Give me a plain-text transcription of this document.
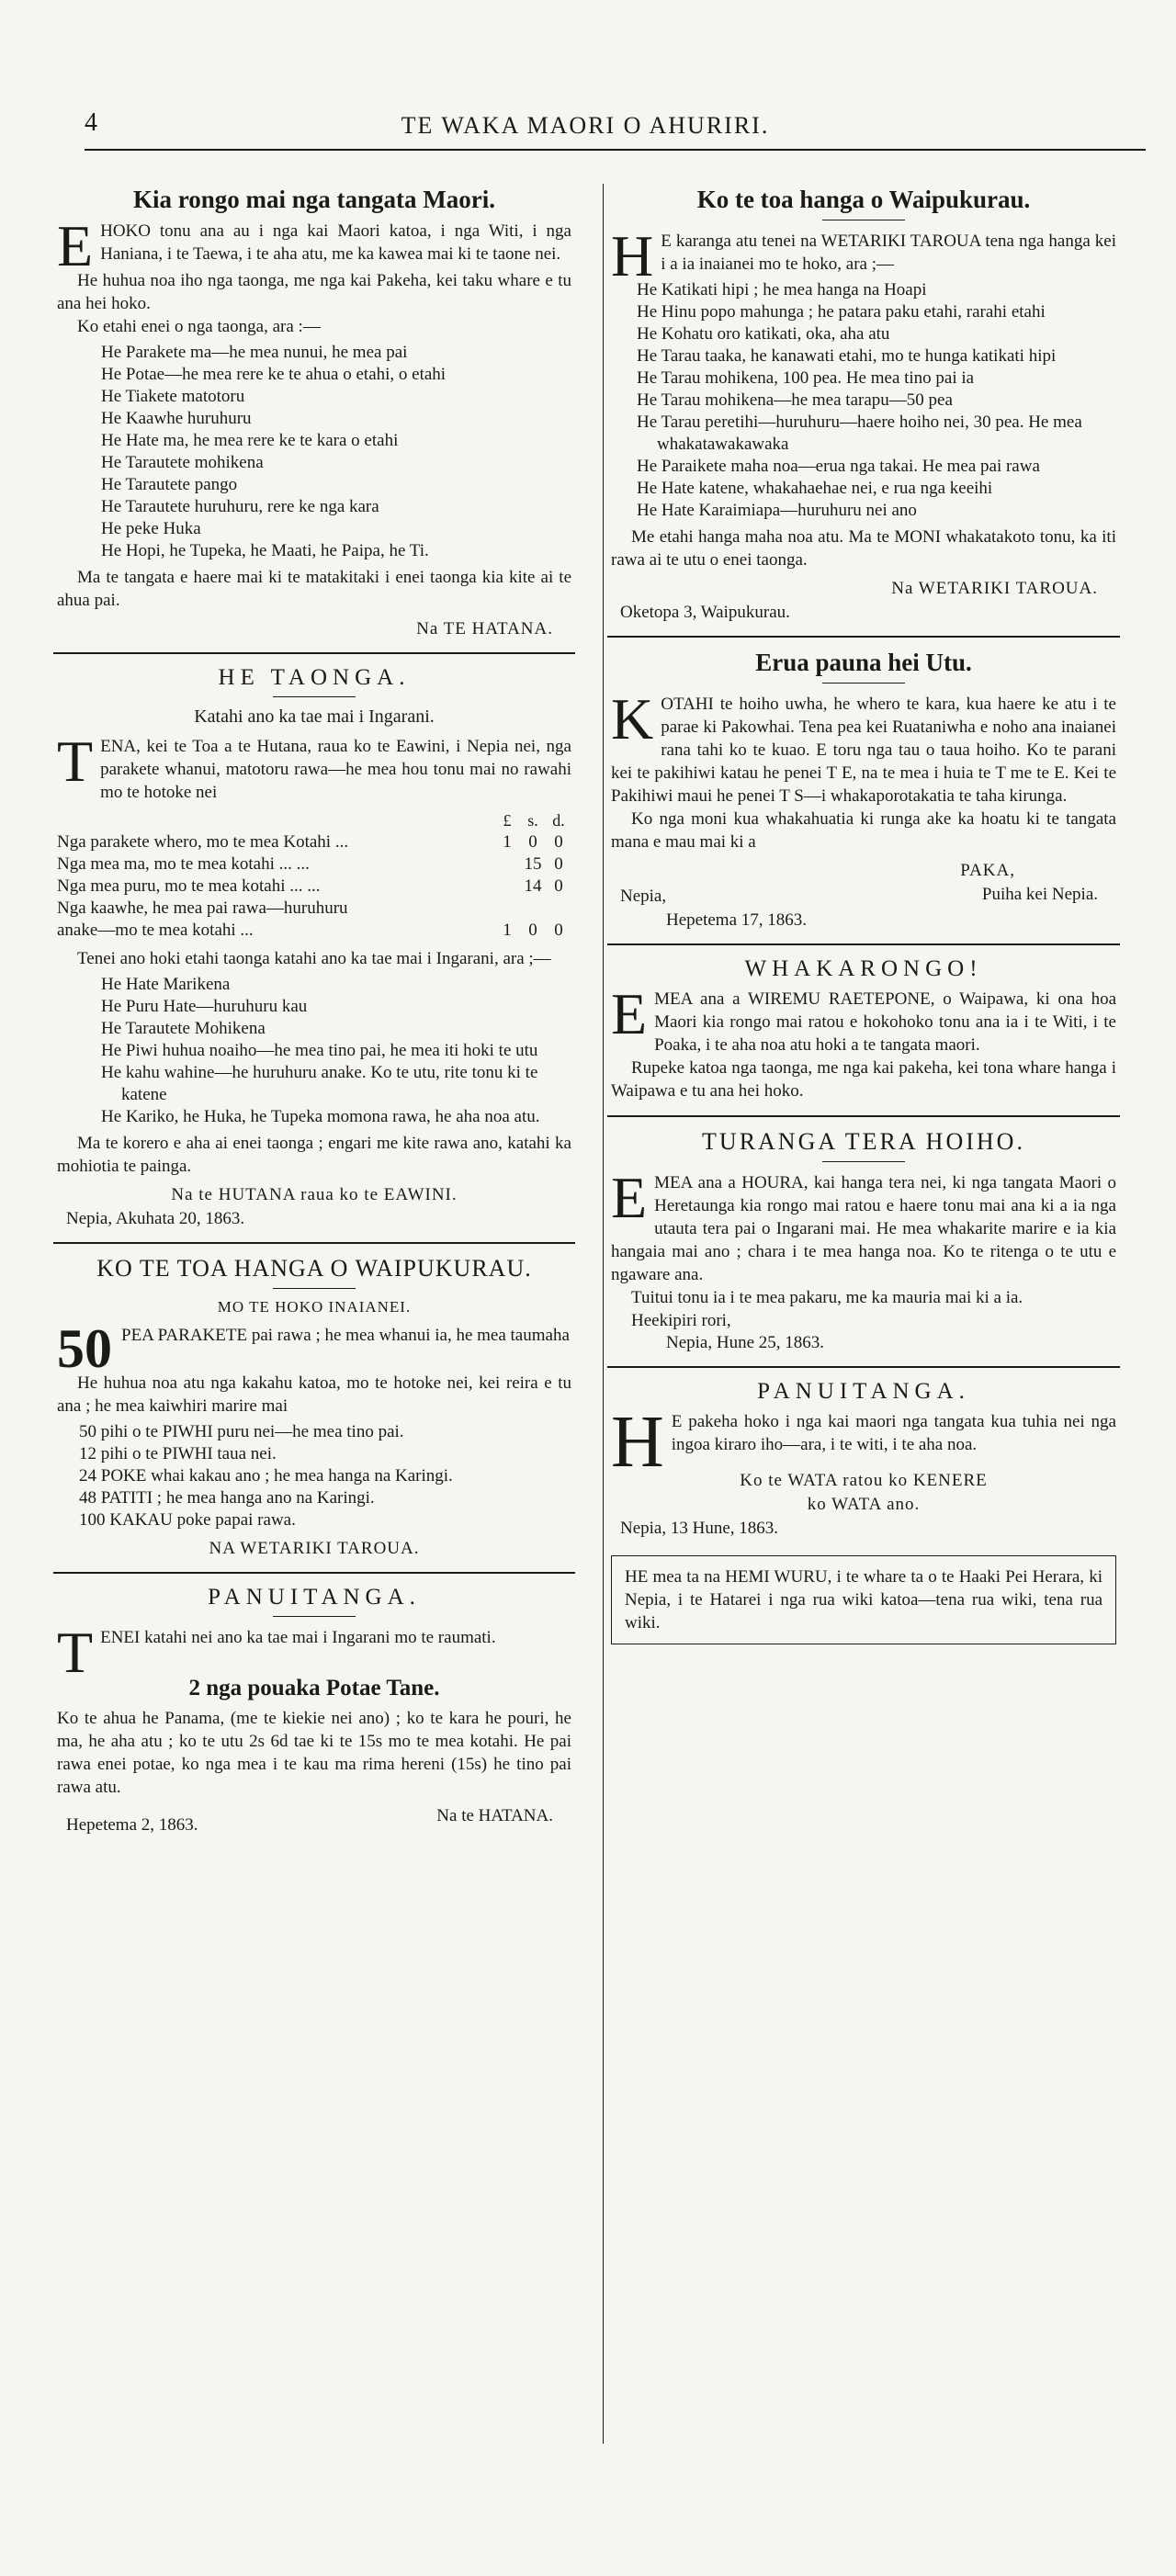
4	TE WAKA MAORI O AHURIRI.
Kia rongo mai nga tangata Maori.
E HOKO tonu ana au i nga kai Maori katoa, i nga Witi, i nga Haniana, i te Taewa, i te aha atu, me ka kawea mai ki te taone nei.

He huhua noa iho nga taonga, me nga kai Pakeha, kei taku whare e tu ana hei hoko.

Ko etahi enei o nga taonga, ara :—

He Parakete ma—he mea nunui, he mea pai
He Potae—he mea rere ke te ahua o etahi, o etahi
He Tiakete matotoru
He Kaawhe huruhuru
He Hate ma, he mea rere ke te kara o etahi
He Tarautete mohikena
He Tarautete pango
He Tarautete huruhuru, rere ke nga kara
He peke Huka
He Hopi, he Tupeka, he Maati, he Paipa, he Ti.

Ma te tangata e haere mai ki te matakitaki i enei taonga kia kite ai te ahua pai.

Na TE HATANA.
HE TAONGA.
Katahi ano ka tae mai i Ingarani.
T ENA, kei te Toa a te Hutana, raua ko te Eawini, i Nepia nei, nga parakete whanui, matotoru rawa—he mea hou tonu mai no rawahi mo te hotoke nei

	£	s.	d.
Nga parakete whero, mo te mea Kotahi ...	1	0	0
Nga mea ma, mo te mea kotahi ... ...		15	0
Nga mea puru, mo te mea kotahi ... ...		14	0
Nga kaawhe, he mea pai rawa—huruhuru			
anake—mo te mea kotahi ...	1	0	0

Tenei ano hoki etahi taonga katahi ano ka tae mai i Ingarani, ara ;—

He Hate Marikena
He Puru Hate—huruhuru kau
He Tarautete Mohikena
He Piwi huhua noaiho—he mea tino pai, he mea iti hoki te utu
He kahu wahine—he huruhuru anake. Ko te utu, rite tonu ki te katene
He Kariko, he Huka, he Tupeka momona rawa, he aha noa atu.

Ma te korero e aha ai enei taonga ; engari me kite rawa ano, katahi ka mohiotia te painga.

Na te HUTANA raua ko te EAWINI.
Nepia, Akuhata 20, 1863.
KO TE TOA HANGA O WAIPUKURAU.
MO TE HOKO INAIANEI.
50 PEA PARAKETE pai rawa ; he mea whanui ia, he mea taumaha

He huhua noa atu nga kakahu katoa, mo te hotoke nei, kei reira e tu ana ; he mea kaiwhiri marire mai

50 pihi o te PIWHI puru nei—he mea tino pai.
12 pihi o te PIWHI taua nei.
24 POKE whai kakau ano ; he mea hanga na Karingi.
48 PATITI ; he mea hanga ano na Karingi.
100 KAKAU poke papai rawa.
NA WETARIKI TAROUA.
PANUITANGA.
T ENEI katahi nei ano ka tae mai i Ingarani mo te raumati.

2 nga pouaka Potae Tane.

Ko te ahua he Panama, (me te kiekie nei ano) ; ko te kara he pouri, he ma, he aha atu ; ko te utu 2s 6d tae ki te 15s mo te mea kotahi. He pai rawa enei potae, ko nga mea i te kau ma rima hereni (15s) he tino pai rawa atu.

Hepetema 2, 1863.	Na te HATANA.
Ko te toa hanga o Waipukurau.
H E karanga atu tenei na WETARIKI TAROUA tena nga hanga kei i a ia inaianei mo te hoko, ara ;—

He Katikati hipi ; he mea hanga na Hoapi
He Hinu popo mahunga ; he patara paku etahi, rarahi etahi
He Kohatu oro katikati, oka, aha atu
He Tarau taaka, he kanawati etahi, mo te hunga katikati hipi
He Tarau mohikena, 100 pea. He mea tino pai ia
He Tarau mohikena—he mea tarapu—50 pea
He Tarau peretihi—huruhuru—haere hoiho nei, 30 pea. He mea whakatawakawaka
He Paraikete maha noa—erua nga takai. He mea pai rawa
He Hate katene, whakahaehae nei, e rua nga keeihi
He Hate Karaimiapa—huruhuru nei ano

Me etahi hanga maha noa atu. Ma te MONI whakatakoto tonu, ka iti rawa ai te utu o enei taonga.

Na WETARIKI TAROUA.
Oketopa 3, Waipukurau.
Erua pauna hei Utu.
K OTAHI te hoiho uwha, he whero te kara, kua haere ke atu i te parae ki Pakowhai. Tena pea kei Ruataniwha e noho ana inaianei rana tahi ko te kuao. E toru nga tau o taua hoiho. Ko te parani kei te pakihiwi katau he penei T E, na te mea i huia te T me te E. Kei te Pakihiwi maui he penei T S—i whakaporotakatia te taha kirunga.

Ko nga moni kua whakahuatia ki runga ake ka hoatu ki te tangata mana e mau mai ki a

PAKA,
Nepia,	Puiha kei Nepia.
Hepetema 17, 1863.
WHAKARONGO!
E MEA ana a WIREMU RAETEPONE, o Waipawa, ki ona hoa Maori kia rongo mai ratou e hokohoko tonu ana ia i te Witi, i te Poaka, i te aha noa atu hoki a te tangata maori.

Rupeke katoa nga taonga, me nga kai pakeha, kei tona whare hanga i Waipawa e tu ana hei hoko.

TURANGA TERA HOIHO.
E MEA ana a HOURA, kai hanga tera nei, ki nga tangata Maori o Heretaunga kia rongo mai ratou e haere tonu mai ana ki a ia nga utauta tera pai o Ingarani mai. He mea whakarite marire e ia kia hangaia mai ano ; chara i te mea hanga noa. Ko te ritenga o te utu e ngaware ana.

Tuitui tonu ia i te mea pakaru, me ka mauria mai ki a ia.

Heekipiri rori,
Nepia, Hune 25, 1863.
PANUITANGA.
H E pakeha hoko i nga kai maori nga tangata kua tuhia nei nga ingoa kiraro iho—ara, i te witi, i te aha noa.

Ko te WATA ratou ko KENERE
ko WATA ano.
Nepia, 13 Hune, 1863.

HE mea ta na HEMI WURU, i te whare ta o te Haaki Pei Herara, ki Nepia, i te Hatarei i nga rua wiki katoa—tena rua wiki, tena rua wiki.
